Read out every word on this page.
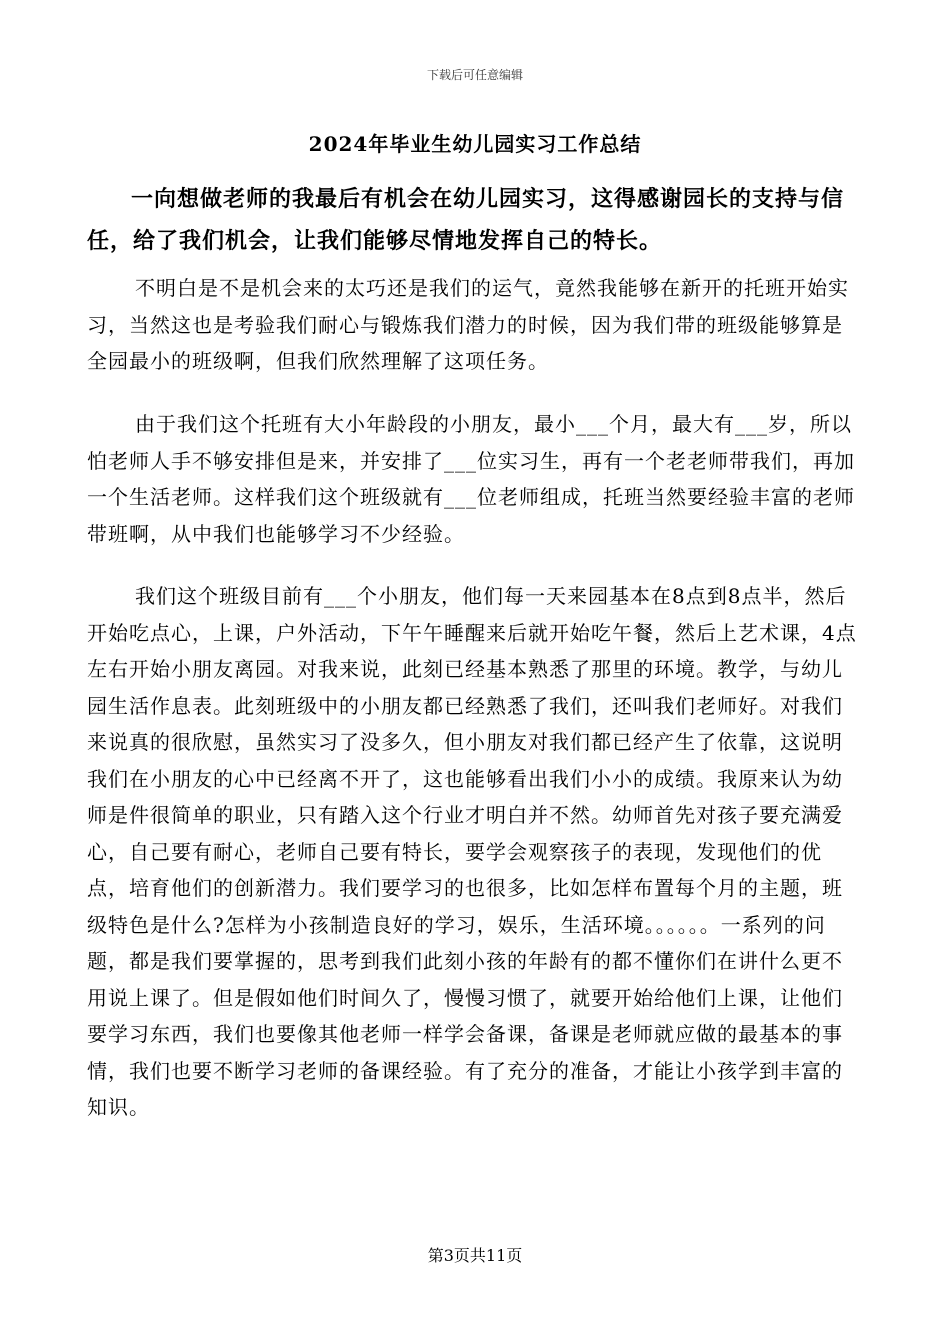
下载后可任意编辑
2024年毕业生幼儿园实习工作总结

一向想做老师的我最后有机会在幼儿园实习，这得感谢园长的支持与信任，给了我们机会，让我们能够尽情地发挥自己的特长。

不明白是不是机会来的太巧还是我们的运气，竟然我能够在新开的托班开始实习，当然这也是考验我们耐心与锻炼我们潜力的时候，因为我们带的班级能够算是全园最小的班级啊，但我们欣然理解了这项任务。

由于我们这个托班有大小年龄段的小朋友，最小___个月，最大有___岁，所以怕老师人手不够安排但是来，并安排了___位实习生，再有一个老老师带我们，再加一个生活老师。这样我们这个班级就有___位老师组成，托班当然要经验丰富的老师带班啊，从中我们也能够学习不少经验。

我们这个班级目前有___个小朋友，他们每一天来园基本在8点到8点半，然后开始吃点心，上课，户外活动，下午午睡醒来后就开始吃午餐，然后上艺术课，4点左右开始小朋友离园。对我来说，此刻已经基本熟悉了那里的环境。教学，与幼儿园生活作息表。此刻班级中的小朋友都已经熟悉了我们，还叫我们老师好。对我们来说真的很欣慰，虽然实习了没多久，但小朋友对我们都已经产生了依靠，这说明我们在小朋友的心中已经离不开了，这也能够看出我们小小的成绩。我原来认为幼师是件很简单的职业，只有踏入这个行业才明白并不然。幼师首先对孩子要充满爱心，自己要有耐心，老师自己要有特长，要学会观察孩子的表现，发现他们的优点，培育他们的创新潜力。我们要学习的也很多，比如怎样布置每个月的主题，班级特色是什么?怎样为小孩制造良好的学习，娱乐，生活环境。。。。。。一系列的问题，都是我们要掌握的，思考到我们此刻小孩的年龄有的都不懂你们在讲什么更不用说上课了。但是假如他们时间久了，慢慢习惯了，就要开始给他们上课，让他们要学习东西，我们也要像其他老师一样学会备课，备课是老师就应做的最基本的事情，我们也要不断学习老师的备课经验。有了充分的准备，才能让小孩学到丰富的知识。

第3页共11页
